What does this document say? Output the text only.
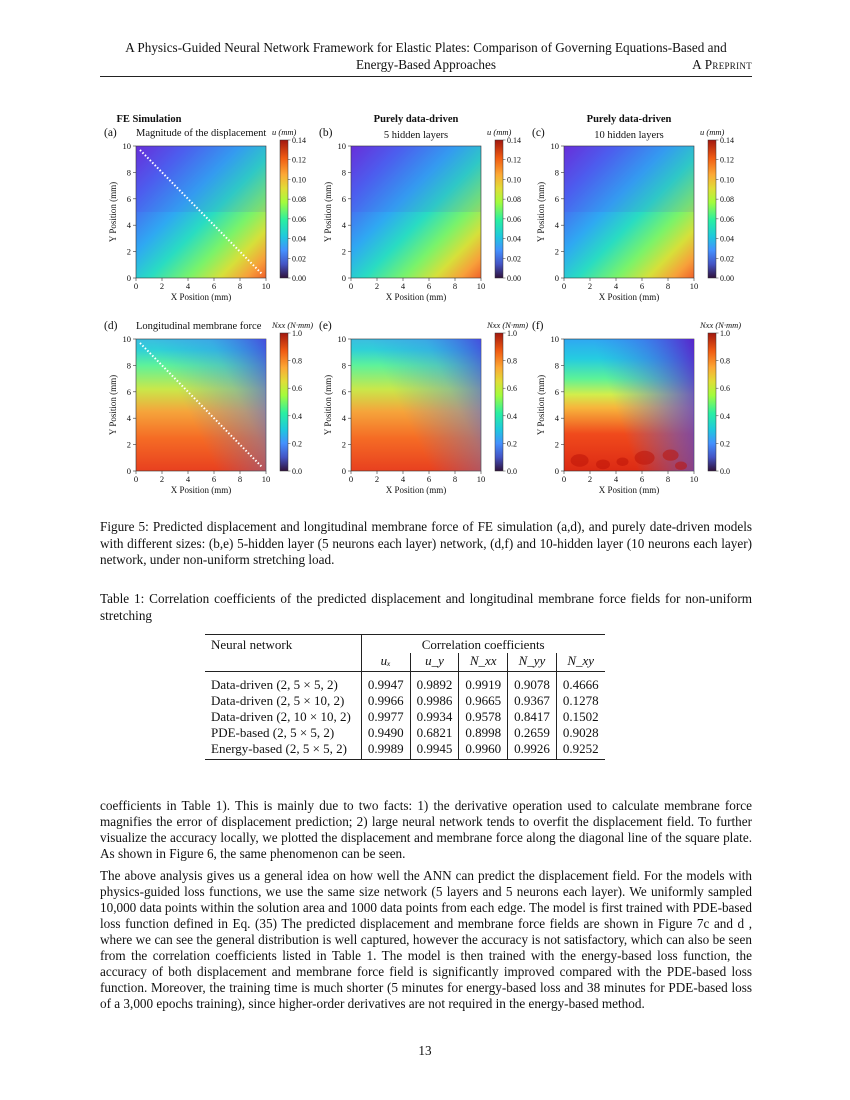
A Physics-Guided Neural Network Framework for Elastic Plates: Comparison of Governing Equations-Based and
Energy-Based Approaches	A Preprint
0	2	4	6	8 10
0
2
4
6
8
10
X Position (mm)
Y Position (mm)
0.14
0.12
0.10
0.08
0.06
0.04
0.02
0.00
u (mm)
(a) Magnitude of the displacement
0	2	4	6	8 10
0
2
4
6
8
10
X Position (mm)
Y Position (mm)
0.14
0.12
0.10
0.08
0.06
0.04
0.02
0.00
u (mm)
(b)
0	2	4	6	8 10
0
2
4
6
8
10
X Position (mm)
Y Position (mm)
0.14
0.12
0.10
0.08
0.06
0.04
0.02
0.00
u (mm)
(c)
0	2	4	6	8 10
0
2
4
6
8
10
X Position (mm)
Y Position (mm)
1.0
0.8
0.6
0.4
0.2
0.0
Nxx (N·mm)
(d) Longitudinal membrane force
0	2	4	6	8 10
0
2
4
6
8
10
X Position (mm)
Y Position (mm)
1.0
0.8
0.6
0.4
0.2
0.0
Nxx (N·mm)
(e)
0	2	4	6	8 10
0
2
4
6
8
10
X Position (mm)
Y Position (mm)
1.0
0.8
0.6
0.4
0.2
0.0
Nxx (N·mm)
(f)
FE Simulation	Purely data-driven
5 hidden layers
Purely data-driven
10 hidden layers
Figure 5: Predicted displacement and longitudinal membrane force of FE simulation (a,d), and purely date-driven models with different sizes: (b,e) 5-hidden layer (5 neurons each layer) network, (d,f) and 10-hidden layer (10 neurons each layer) network, under non-uniform stretching load.
Table 1: Correlation coefficients of the predicted displacement and longitudinal membrane force fields for non-uniform stretching
Neural network	Correlation coefficients				
	uₓ	u_y	N_xx	N_yy	N_xy
Data-driven (2, 5 × 5, 2)	0.9947	0.9892	0.9919	0.9078	0.4666
Data-driven (2, 5 × 10, 2)	0.9966	0.9986	0.9665	0.9367	0.1278
Data-driven (2, 10 × 10, 2)	0.9977	0.9934	0.9578	0.8417	0.1502
PDE-based (2, 5 × 5, 2)	0.9490	0.6821	0.8998	0.2659	0.9028
Energy-based (2, 5 × 5, 2)	0.9989	0.9945	0.9960	0.9926	0.9252
coefficients in Table 1). This is mainly due to two facts: 1) the derivative operation used to calculate membrane force magnifies the error of displacement prediction; 2) large neural network tends to overfit the displacement field. To further visualize the accuracy locally, we plotted the displacement and membrane force along the diagonal line of the square plate. As shown in Figure 6, the same phenomenon can be seen.
The above analysis gives us a general idea on how well the ANN can predict the displacement field. For the models with physics-guided loss functions, we use the same size network (5 layers and 5 neurons each layer). We uniformly sampled 10,000 data points within the solution area and 1000 data points from each edge. The model is first trained with PDE-based loss function defined in Eq. (35) The predicted displacement and membrane force fields are shown in Figure 7c and d , where we can see the general distribution is well captured, however the accuracy is not satisfactory, which can also be seen from the correlation coefficients listed in Table 1. The model is then trained with the energy-based loss function, the accuracy of both displacement and membrane force field is significantly improved compared with the PDE-based loss function. Moreover, the training time is much shorter (5 minutes for energy-based loss and 38 minutes for PDE-based loss of a 3,000 epochs training), since higher-order derivatives are not required in the energy-based method.
13
